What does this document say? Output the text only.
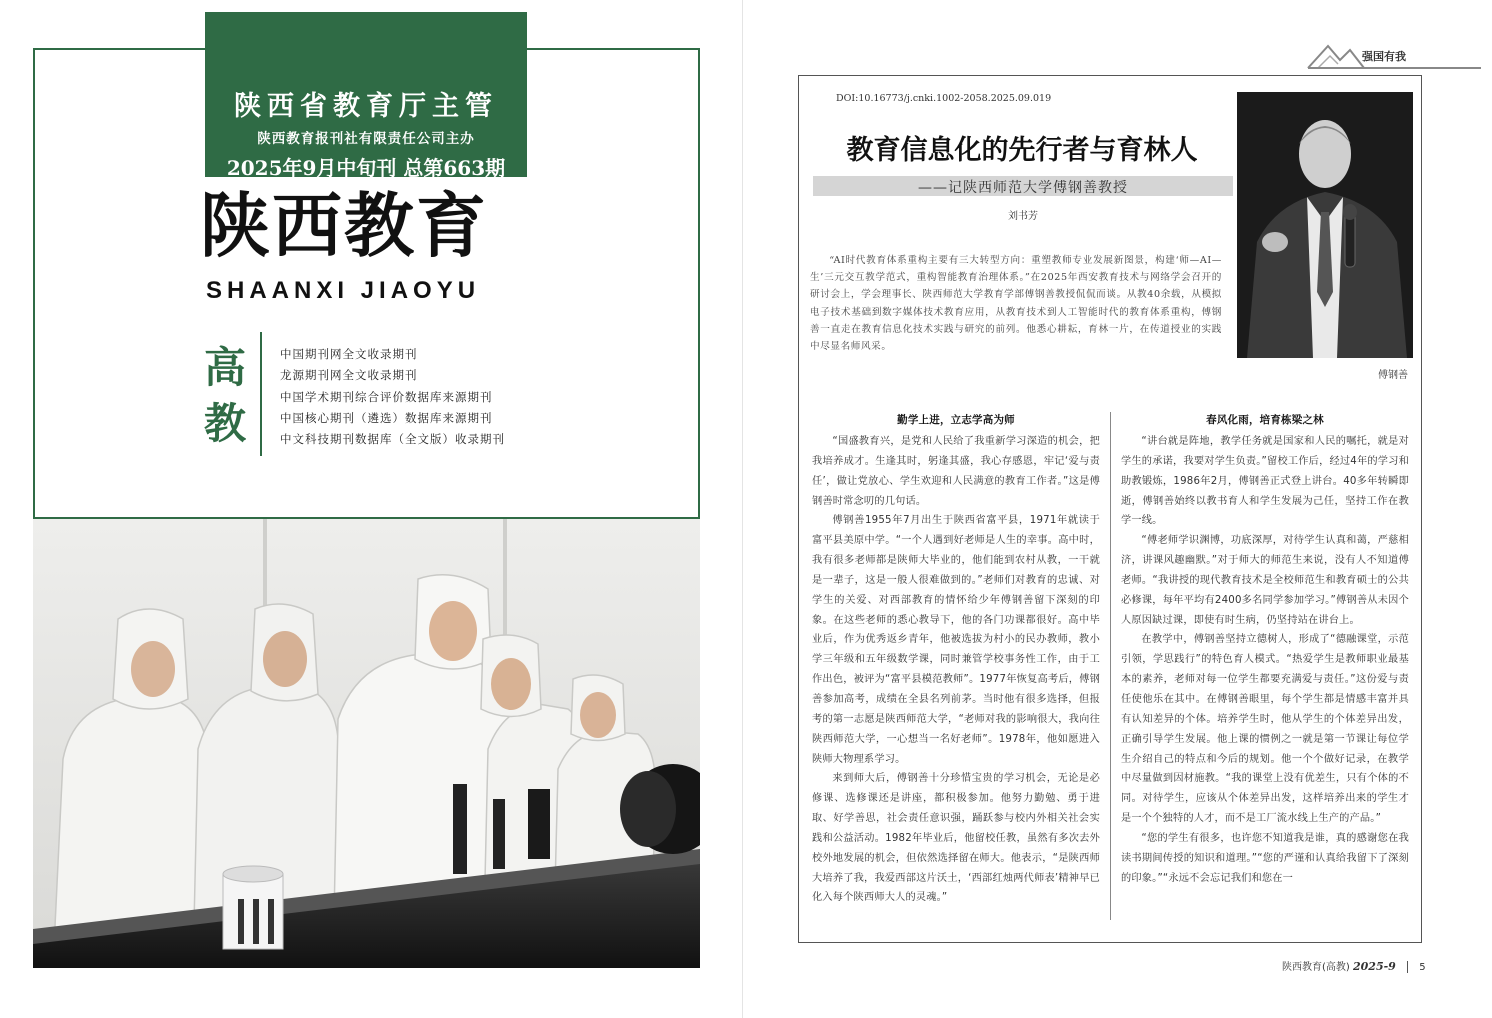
陕西省教育厅主管
陕西教育报刊社有限责任公司主办
2025年9月中旬刊 总第663期
陕西教育
SHAANXI JIAOYU
高
教
中国期刊网全文收录期刊
龙源期刊网全文收录期刊
中国学术期刊综合评价数据库来源期刊
中国核心期刊（遴选）数据库来源期刊
中文科技期刊数据库（全文版）收录期刊
强国有我
DOI:10.16773/j.cnki.1002-2058.2025.09.019
教育信息化的先行者与育林人
——记陕西师范大学傅钢善教授
刘书芳
傅钢善
“AI时代教育体系重构主要有三大转型方向：重塑教师专业发展新图景，构建‘师—AI—生’三元交互教学范式，重构智能教育治理体系。”在2025年西安教育技术与网络学会召开的研讨会上，学会理事长、陕西师范大学教育学部傅钢善教授侃侃而谈。从教40余载，从模拟电子技术基础到数字媒体技术教育应用，从教育技术到人工智能时代的教育体系重构，傅钢善一直走在教育信息化技术实践与研究的前列。他悉心耕耘，育林一片，在传道授业的实践中尽显名师风采。
勤学上进，立志学高为师

“国盛教育兴，是党和人民给了我重新学习深造的机会，把我培养成才。生逢其时，躬逢其盛，我心存感恩，牢记‘爱与责任’，做让党放心、学生欢迎和人民满意的教育工作者。”这是傅钢善时常念叨的几句话。

傅钢善1955年7月出生于陕西省富平县，1971年就读于富平县美原中学。“一个人遇到好老师是人生的幸事。高中时，我有很多老师都是陕师大毕业的，他们能到农村从教，一干就是一辈子，这是一般人很难做到的。”老师们对教育的忠诚、对学生的关爱、对西部教育的情怀给少年傅钢善留下深刻的印象。在这些老师的悉心教导下，他的各门功课都很好。高中毕业后，作为优秀返乡青年，他被选拔为村小的民办教师，教小学三年级和五年级数学课，同时兼管学校事务性工作，由于工作出色，被评为“富平县模范教师”。1977年恢复高考后，傅钢善参加高考，成绩在全县名列前茅。当时他有很多选择，但报考的第一志愿是陕西师范大学，“老师对我的影响很大，我向往陕西师范大学，一心想当一名好老师”。1978年，他如愿进入陕师大物理系学习。

来到师大后，傅钢善十分珍惜宝贵的学习机会，无论是必修课、选修课还是讲座，都积极参加。他努力勤勉、勇于进取、好学善思，社会责任意识强，踊跃参与校内外相关社会实践和公益活动。1982年毕业后，他留校任教，虽然有多次去外校外地发展的机会，但依然选择留在师大。他表示，“是陕西师大培养了我，我爱西部这片沃土，‘西部红烛两代师表’精神早已化入每个陕西师大人的灵魂。”

春风化雨，培育栋梁之林

“讲台就是阵地，教学任务就是国家和人民的嘱托，就是对学生的承诺，我要对学生负责。”留校工作后，经过4年的学习和助教锻炼，1986年2月，傅钢善正式登上讲台。40多年转瞬即逝，傅钢善始终以教书育人和学生发展为己任，坚持工作在教学一线。

“傅老师学识渊博，功底深厚，对待学生认真和蔼，严慈相济，讲课风趣幽默。”对于师大的师范生来说，没有人不知道傅老师。“我讲授的现代教育技术是全校师范生和教育硕士的公共必修课，每年平均有2400多名同学参加学习。”傅钢善从未因个人原因缺过课，即使有时生病，仍坚持站在讲台上。

在教学中，傅钢善坚持立德树人，形成了“德融课堂，示范引领，学思践行”的特色育人模式。“热爱学生是教师职业最基本的素养，老师对每一位学生都要充满爱与责任。”这份爱与责任使他乐在其中。在傅钢善眼里，每个学生都是情感丰富并具有认知差异的个体。培养学生时，他从学生的个体差异出发，正确引导学生发展。他上课的惯例之一就是第一节课让每位学生介绍自己的特点和今后的规划。他一个个做好记录，在教学中尽量做到因材施教。“我的课堂上没有优差生，只有个体的不同。对待学生，应该从个体差异出发，这样培养出来的学生才是一个个独特的人才，而不是工厂流水线上生产的产品。”

“您的学生有很多，也许您不知道我是谁，真的感谢您在我读书期间传授的知识和道理。”“您的严谨和认真给我留下了深刻的印象。”“永远不会忘记我们和您在一

陕西教育(高教) 2025-9 5
